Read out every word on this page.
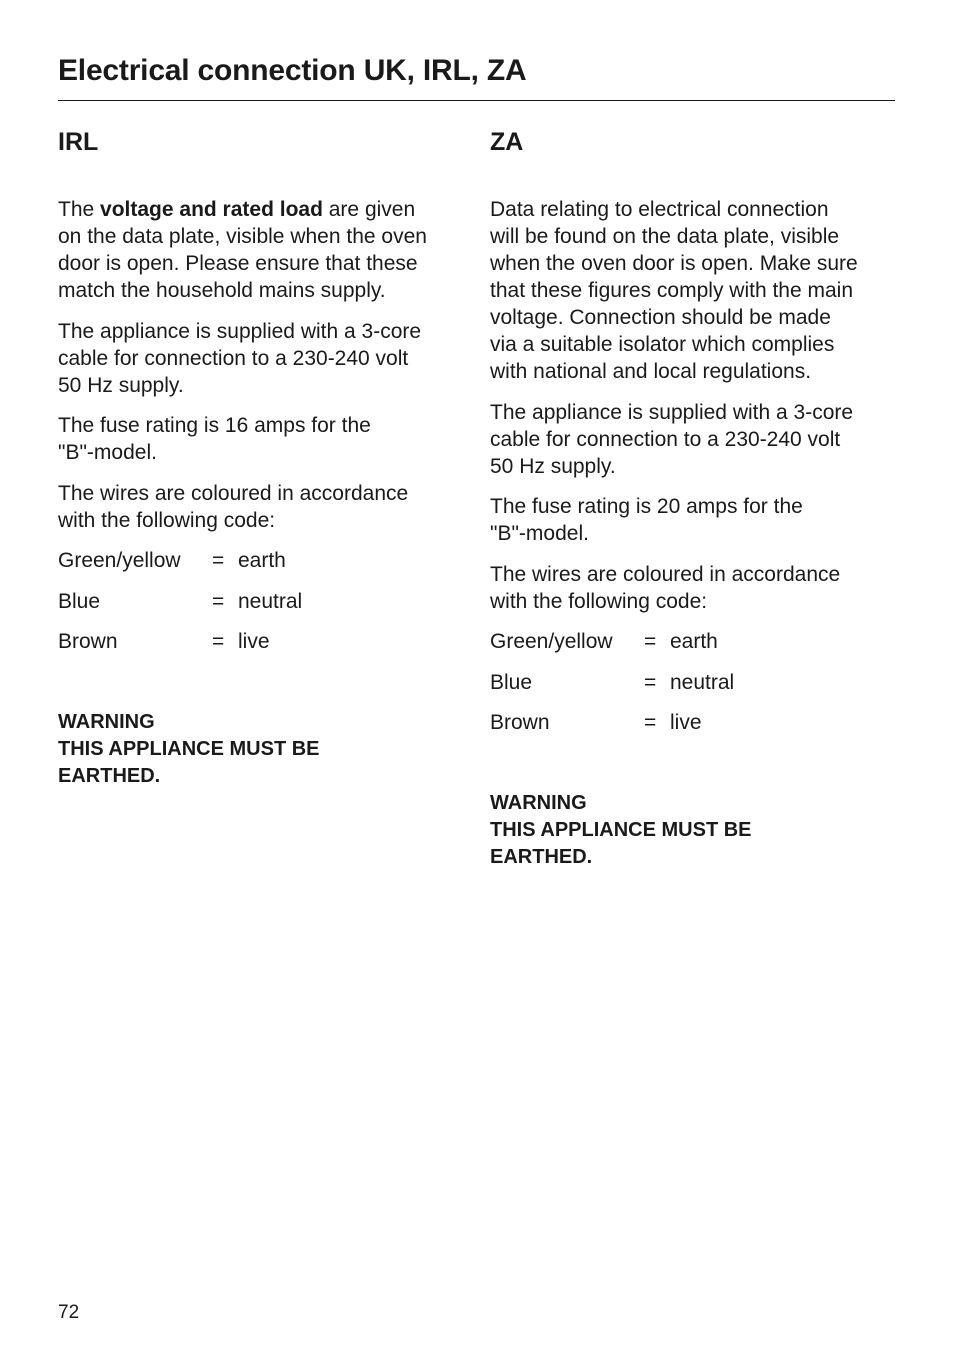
Electrical connection UK, IRL, ZA
IRL

The voltage and rated load are given
on the data plate, visible when the oven
door is open. Please ensure that these
match the household mains supply.

The appliance is supplied with a 3-core
cable for connection to a 230-240 volt
50 Hz supply.

The fuse rating is 16 amps for the
"B"-model.

The wires are coloured in accordance
with the following code:

Green/yellow	= earth
Blue	= neutral
Brown	= live
WARNING
THIS APPLIANCE MUST BE
EARTHED.
ZA

Data relating to electrical connection
will be found on the data plate, visible
when the oven door is open. Make sure
that these figures comply with the main
voltage. Connection should be made
via a suitable isolator which complies
with national and local regulations.

The appliance is supplied with a 3-core
cable for connection to a 230-240 volt
50 Hz supply.

The fuse rating is 20 amps for the
"B"-model.

The wires are coloured in accordance
with the following code:

Green/yellow	= earth
Blue	= neutral
Brown	= live
WARNING
THIS APPLIANCE MUST BE
EARTHED.
72
